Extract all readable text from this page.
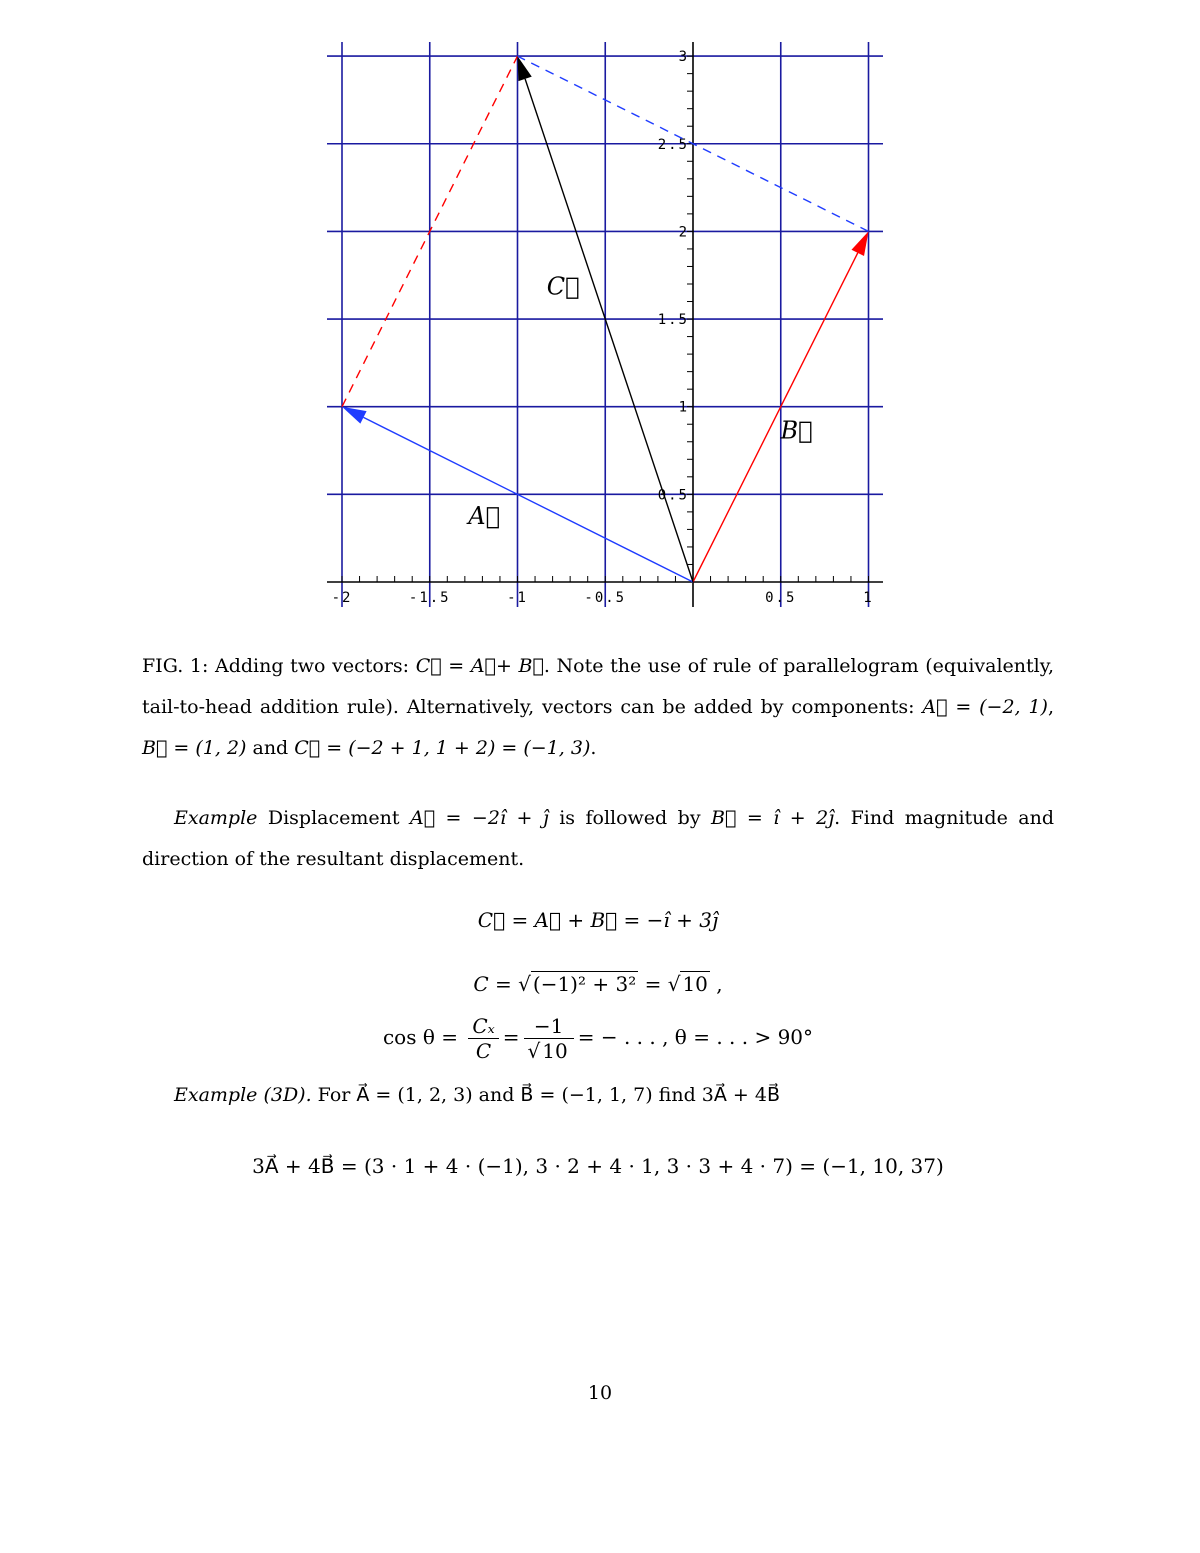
-2	-1.5	-1	-0.5	0.5	1
0.5
1
1.5
2
2.5
3
A⃗
B⃗
C⃗
FIG. 1: Adding two vectors: C⃗ = A⃗+ B⃗. Note the use of rule of parallelogram (equivalently, tail-to-head addition rule). Alternatively, vectors can be added by components: A⃗ = (−2, 1), B⃗ = (1, 2) and C⃗ = (−2 + 1, 1 + 2) = (−1, 3).
Example Displacement A⃗ = −2î + ĵ is followed by B⃗ = î + 2ĵ. Find magnitude and direction of the resultant displacement.
C⃗ = A⃗ + B⃗ = −î + 3ĵ
C = √ (−1)² + 3² = √ 10 ,
$\cos \theta = \frac{\text{Cₓ}}{C} = \frac{-1}{√ 10}$ = − . . . , θ = . . . > 90°
Example (3D). For A⃗ = (1, 2, 3) and B⃗ = (−1, 1, 7) find 3A⃗ + 4B⃗
3A⃗ + 4B⃗ = (3 · 1 + 4 · (−1), 3 · 2 + 4 · 1, 3 · 3 + 4 · 7) = (−1, 10, 37)
10
